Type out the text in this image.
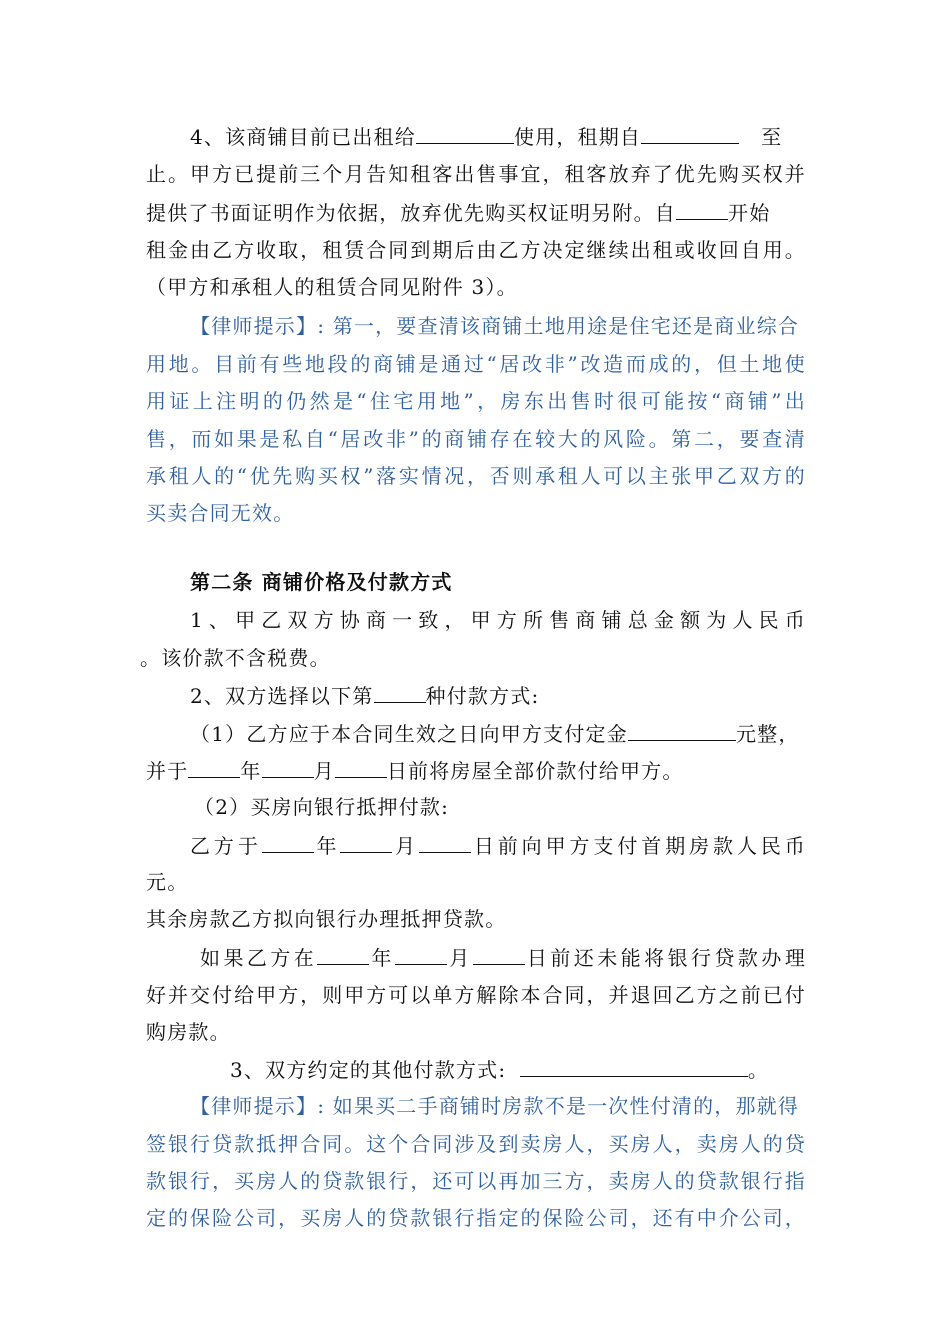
4、该商铺目前已出租给	使用，租期自	至
止。甲方已提前三个月告知租客出售事宜，租客放弃了优先购买权并
提供了书面证明作为依据，放弃优先购买权证明另附。自	开始
租金由乙方收取，租赁合同到期后由乙方决定继续出租或收回自用。
（甲方和承租人的租赁合同见附件 3）。
【律师提示】: 第一，要查清该商铺土地用途是住宅还是商业综合
用地。目前有些地段的商铺是通过“居改非”改造而成的，但土地使
用证上注明的仍然是“住宅用地”，房东出售时很可能按“商铺”出
售，而如果是私自“居改非”的商铺存在较大的风险。第二，要查清
承租人的“优先购买权”落实情况，否则承租人可以主张甲乙双方的
买卖合同无效。
第二条 商铺价格及付款方式
1、甲乙双方协商一致，甲方所售商铺总金额为人民币
。该价款不含税费。
2、双方选择以下第	种付款方式:
（1）乙方应于本合同生效之日向甲方支付定金	元整，
并于	年	月	日前将房屋全部价款付给甲方。
（2）买房向银行抵押付款:
乙方于	年	月	日前向甲方支付首期房款人民币
元。
其余房款乙方拟向银行办理抵押贷款。
如果乙方在	年	月	日前还未能将银行贷款办理
好并交付给甲方，则甲方可以单方解除本合同，并退回乙方之前已付
购房款。
3、双方约定的其他付款方式:	。
【律师提示】: 如果买二手商铺时房款不是一次性付清的，那就得
签银行贷款抵押合同。这个合同涉及到卖房人，买房人，卖房人的贷
款银行，买房人的贷款银行，还可以再加三方，卖房人的贷款银行指
定的保险公司，买房人的贷款银行指定的保险公司，还有中介公司，
